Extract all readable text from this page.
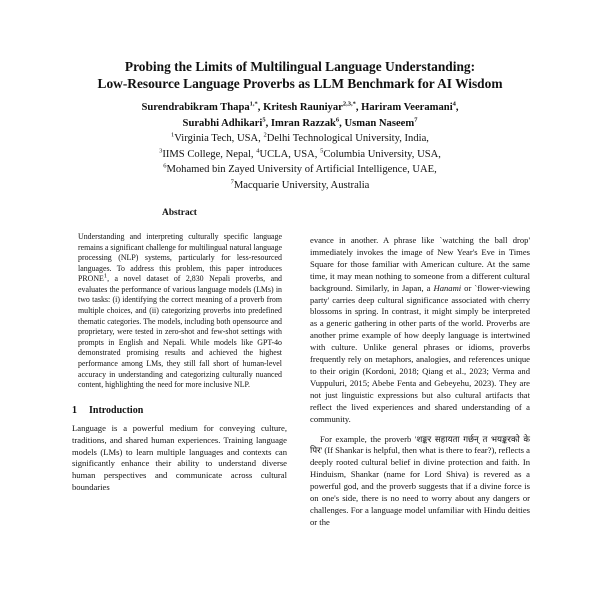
Probing the Limits of Multilingual Language Understanding:
Low-Resource Language Proverbs as LLM Benchmark for AI Wisdom
Surendrabikram Thapa$^{1,*}$, Kritesh Rauniyar$^{2,3,*}$, Hariram Veeramani$^4$,
Surabhi Adhikari$^5$, Imran Razzak$^6$, Usman Naseem$^7$
$^1$Virginia Tech, USA, $^2$Delhi Technological University, India,
$^3$IIMS College, Nepal, $^4$UCLA, USA, $^5$Columbia University, USA,
$^6$Mohamed bin Zayed University of Artificial Intelligence, UAE,
$^7$Macquarie University, Australia
Abstract
Understanding and interpreting culturally specific language remains a significant challenge for multilingual natural language processing (NLP) systems, particularly for less-resourced languages. To address this problem, this paper introduces PRONE$^1$, a novel dataset of 2,830 Nepali proverbs, and evaluates the performance of various language models (LMs) in two tasks: (i) identifying the correct meaning of a proverb from multiple choices, and (ii) categorizing proverbs into predefined thematic categories. The models, including both opensource and proprietary, were tested in zero-shot and few-shot settings with prompts in English and Nepali. While models like GPT-4o demonstrated promising results and achieved the highest performance among LMs, they still fall short of human-level accuracy in understanding and categorizing culturally nuanced content, highlighting the need for more inclusive NLP.
1 Introduction

Language is a powerful medium for conveying culture, traditions, and shared human experiences. Training language models (LMs) to learn multiple languages and contexts can significantly enhance their ability to understand diverse human perspectives and communicate across cultural boundaries

evance in another. A phrase like `watching the ball drop' immediately invokes the image of New Year's Eve in Times Square for those familiar with American culture. At the same time, it may mean nothing to someone from a different cultural background. Similarly, in Japan, a Hanami or `flower-viewing party' carries deep cultural significance associated with cherry blossoms in spring. In contrast, it might simply be interpreted as a generic gathering in other parts of the world. Proverbs are another prime example of how deeply language is intertwined with culture. Unlike general phrases or idioms, proverbs frequently rely on metaphors, analogies, and references unique to their origin (Kordoni, 2018; Qiang et al., 2023; Verma and Vuppuluri, 2015; Abebe Fenta and Gebeyehu, 2023). They are not just linguistic expressions but also cultural artifacts that reflect the lived experiences and shared understanding of a community.

For example, the proverb 'शङ्कर सहायता गर्छन् त भयङ्करको के पिर' (If Shankar is helpful, then what is there to fear?), reflects a deeply rooted cultural belief in divine protection and faith. In Hinduism, Shankar (name for Lord Shiva) is revered as a powerful god, and the proverb suggests that if a divine force is on one's side, there is no need to worry about any dangers or challenges. For a language model unfamiliar with Hindu deities or the
